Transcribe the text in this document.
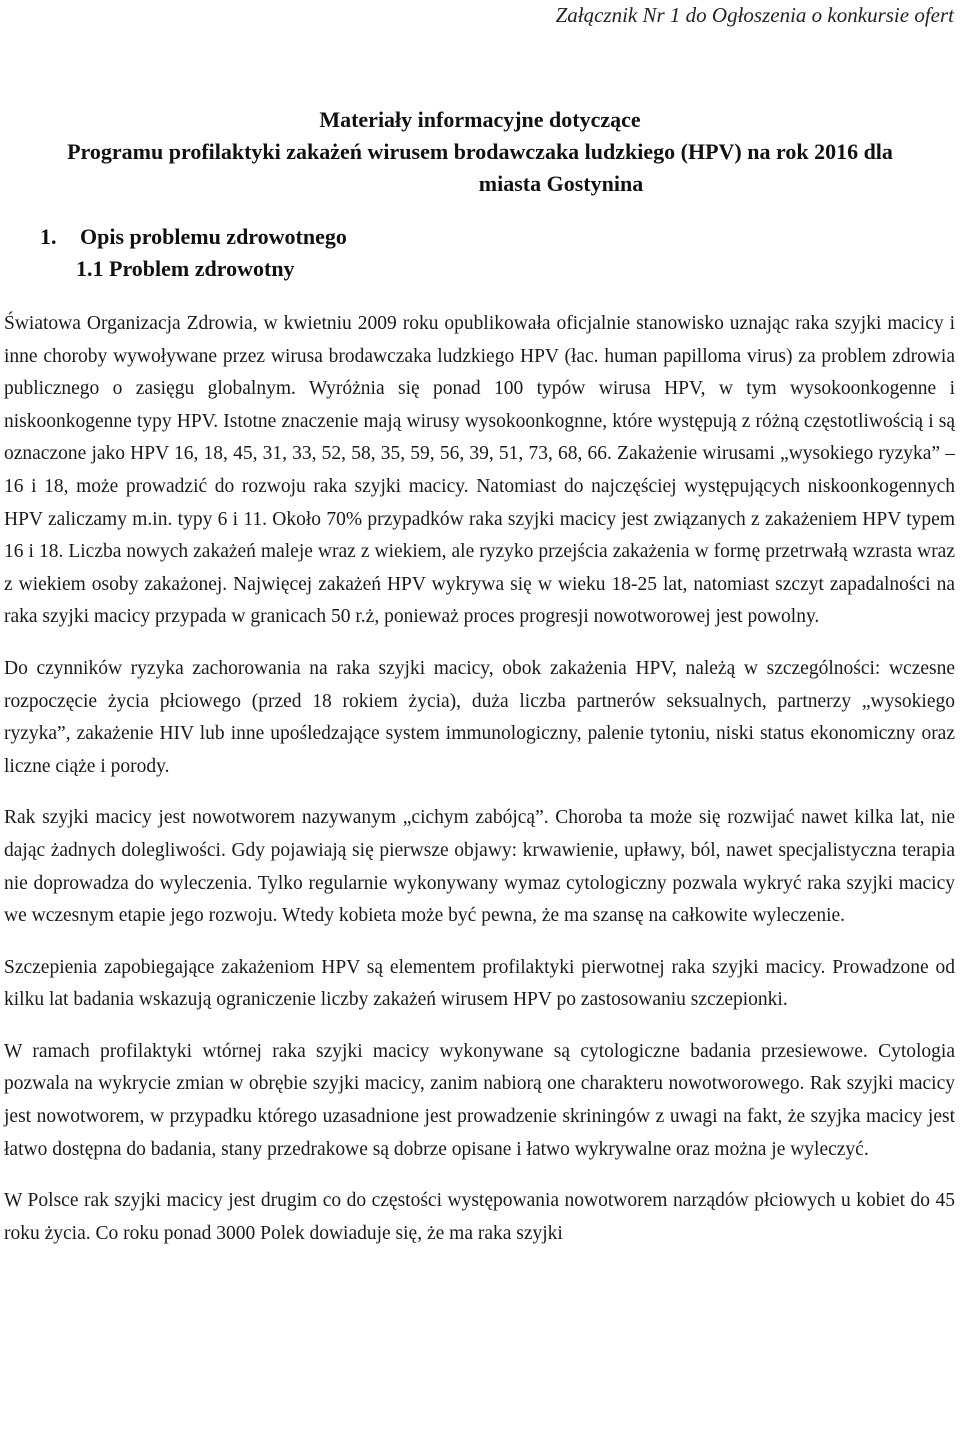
Załącznik Nr 1 do Ogłoszenia o konkursie ofert
Materiały informacyjne dotyczące
Programu profilaktyki zakażeń wirusem brodawczaka ludzkiego (HPV) na rok 2016 dla
miasta Gostynina
1. Opis problemu zdrowotnego
1.1 Problem zdrowotny

Światowa Organizacja Zdrowia, w kwietniu 2009 roku opublikowała oficjalnie stanowisko uznając raka szyjki macicy i inne choroby wywoływane przez wirusa brodawczaka ludzkiego HPV (łac. human papilloma virus) za problem zdrowia publicznego o zasięgu globalnym. Wyróżnia się ponad 100 typów wirusa HPV, w tym wysokoonkogenne i niskoonkogenne typy HPV. Istotne znaczenie mają wirusy wysokoonkognne, które występują z różną częstotliwością i są oznaczone jako HPV 16, 18, 45, 31, 33, 52, 58, 35, 59, 56, 39, 51, 73, 68, 66. Zakażenie wirusami „wysokiego ryzyka” – 16 i 18, może prowadzić do rozwoju raka szyjki macicy. Natomiast do najczęściej występujących niskoonkogennych HPV zaliczamy m.in. typy 6 i 11. Około 70% przypadków raka szyjki macicy jest związanych z zakażeniem HPV typem 16 i 18. Liczba nowych zakażeń maleje wraz z wiekiem, ale ryzyko przejścia zakażenia w formę przetrwałą wzrasta wraz z wiekiem osoby zakażonej. Najwięcej zakażeń HPV wykrywa się w wieku 18-25 lat, natomiast szczyt zapadalności na raka szyjki macicy przypada w granicach 50 r.ż, ponieważ proces progresji nowotworowej jest powolny.

Do czynników ryzyka zachorowania na raka szyjki macicy, obok zakażenia HPV, należą w szczególności: wczesne rozpoczęcie życia płciowego (przed 18 rokiem życia), duża liczba partnerów seksualnych, partnerzy „wysokiego ryzyka”, zakażenie HIV lub inne upośledzające system immunologiczny, palenie tytoniu, niski status ekonomiczny oraz liczne ciąże i porody.

Rak szyjki macicy jest nowotworem nazywanym „cichym zabójcą”. Choroba ta może się rozwijać nawet kilka lat, nie dając żadnych dolegliwości. Gdy pojawiają się pierwsze objawy: krwawienie, upławy, ból, nawet specjalistyczna terapia nie doprowadza do wyleczenia. Tylko regularnie wykonywany wymaz cytologiczny pozwala wykryć raka szyjki macicy we wczesnym etapie jego rozwoju. Wtedy kobieta może być pewna, że ma szansę na całkowite wyleczenie.

Szczepienia zapobiegające zakażeniom HPV są elementem profilaktyki pierwotnej raka szyjki macicy. Prowadzone od kilku lat badania wskazują ograniczenie liczby zakażeń wirusem HPV po zastosowaniu szczepionki.

W ramach profilaktyki wtórnej raka szyjki macicy wykonywane są cytologiczne badania przesiewowe. Cytologia pozwala na wykrycie zmian w obrębie szyjki macicy, zanim nabiorą one charakteru nowotworowego. Rak szyjki macicy jest nowotworem, w przypadku którego uzasadnione jest prowadzenie skriningów z uwagi na fakt, że szyjka macicy jest łatwo dostępna do badania, stany przedrakowe są dobrze opisane i łatwo wykrywalne oraz można je wyleczyć.

W Polsce rak szyjki macicy jest drugim co do częstości występowania nowotworem narządów płciowych u kobiet do 45 roku życia. Co roku ponad 3000 Polek dowiaduje się, że ma raka szyjki
